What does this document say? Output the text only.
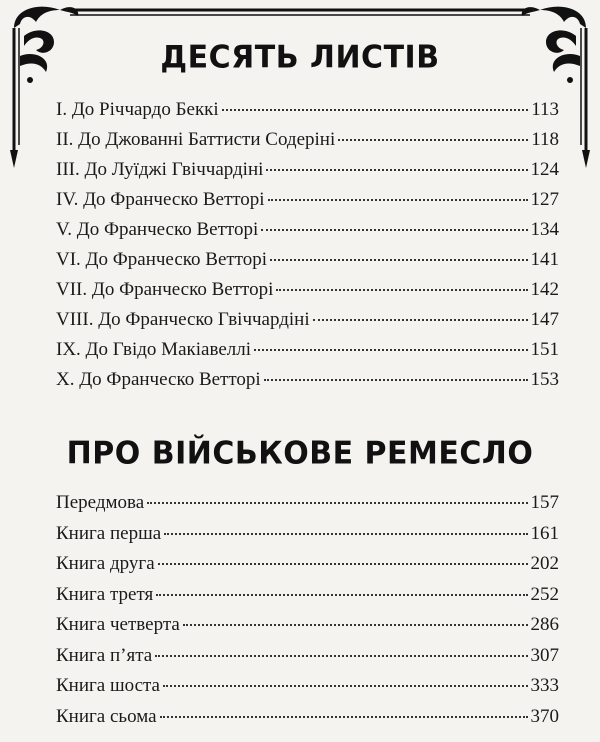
ДЕСЯТЬ ЛИСТІВ
I. До Річчардо Беккі	113
II. До Джованні Баттисти Содеріні	118
III. До Луїджі Гвіччардіні	124
IV. До Франческо Ветторі	127
V. До Франческо Ветторі	134
VI. До Франческо Ветторі	141
VII. До Франческо Ветторі	142
VIII. До Франческо Гвіччардіні	147
IX. До Гвідо Макіавеллі	151
X. До Франческо Ветторі	153
ПРО ВІЙСЬКОВЕ РЕМЕСЛО
Передмова	157
Книга перша	161
Книга друга	202
Книга третя	252
Книга четверта	286
Книга п’ята	307
Книга шоста	333
Книга сьома	370
